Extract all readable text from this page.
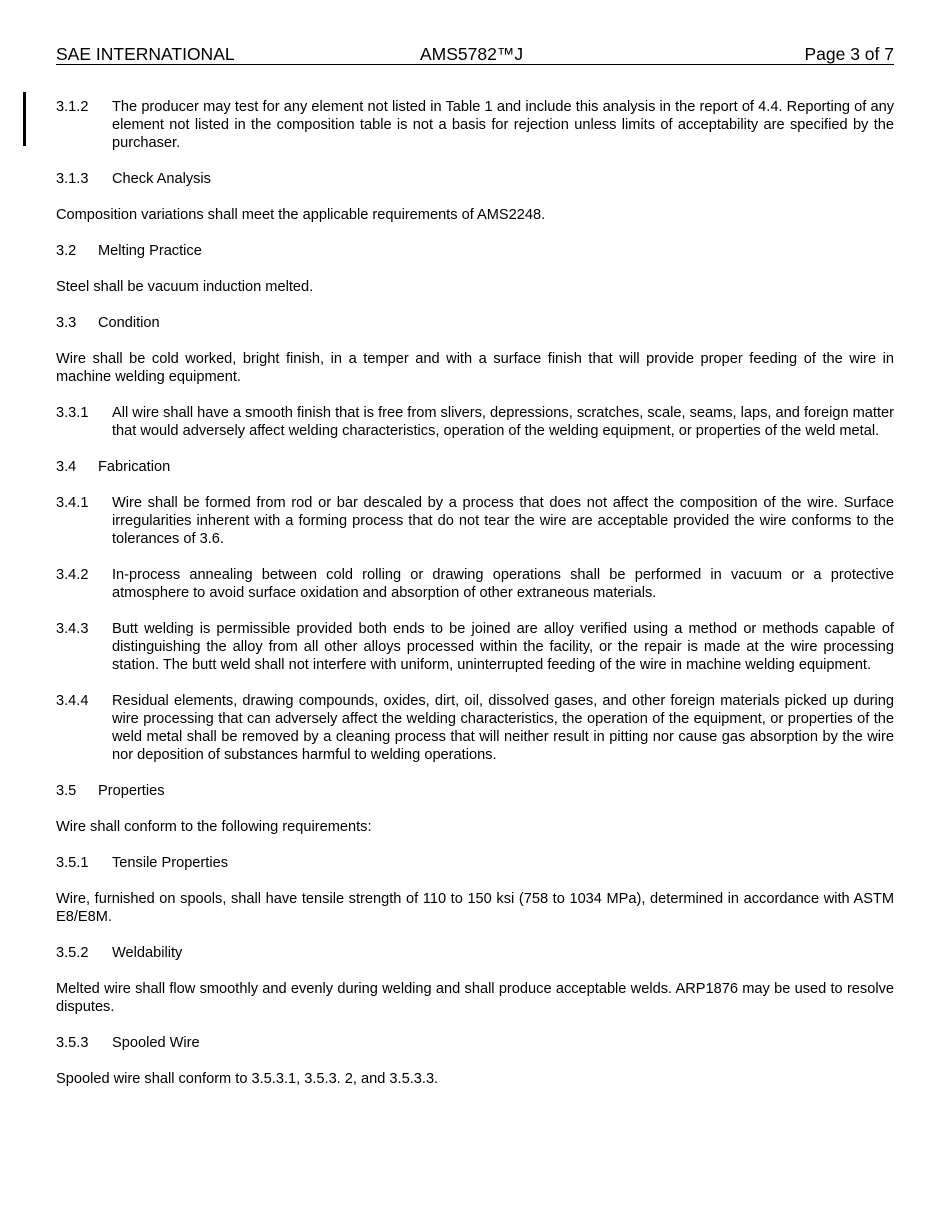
SAE INTERNATIONAL	AMS5782™J	Page 3 of 7
3.1.2 The producer may test for any element not listed in Table 1 and include this analysis in the report of 4.4. Reporting of any element not listed in the composition table is not a basis for rejection unless limits of acceptability are specified by the purchaser.
3.1.3 Check Analysis
Composition variations shall meet the applicable requirements of AMS2248.
3.2 Melting Practice
Steel shall be vacuum induction melted.
3.3 Condition
Wire shall be cold worked, bright finish, in a temper and with a surface finish that will provide proper feeding of the wire in machine welding equipment.
3.3.1 All wire shall have a smooth finish that is free from slivers, depressions, scratches, scale, seams, laps, and foreign matter that would adversely affect welding characteristics, operation of the welding equipment, or properties of the weld metal.
3.4 Fabrication
3.4.1 Wire shall be formed from rod or bar descaled by a process that does not affect the composition of the wire. Surface irregularities inherent with a forming process that do not tear the wire are acceptable provided the wire conforms to the tolerances of 3.6.
3.4.2 In-process annealing between cold rolling or drawing operations shall be performed in vacuum or a protective atmosphere to avoid surface oxidation and absorption of other extraneous materials.
3.4.3 Butt welding is permissible provided both ends to be joined are alloy verified using a method or methods capable of distinguishing the alloy from all other alloys processed within the facility, or the repair is made at the wire processing station. The butt weld shall not interfere with uniform, uninterrupted feeding of the wire in machine welding equipment.
3.4.4 Residual elements, drawing compounds, oxides, dirt, oil, dissolved gases, and other foreign materials picked up during wire processing that can adversely affect the welding characteristics, the operation of the equipment, or properties of the weld metal shall be removed by a cleaning process that will neither result in pitting nor cause gas absorption by the wire nor deposition of substances harmful to welding operations.
3.5 Properties
Wire shall conform to the following requirements:
3.5.1 Tensile Properties
Wire, furnished on spools, shall have tensile strength of 110 to 150 ksi (758 to 1034 MPa), determined in accordance with ASTM E8/E8M.
3.5.2 Weldability
Melted wire shall flow smoothly and evenly during welding and shall produce acceptable welds. ARP1876 may be used to resolve disputes.
3.5.3 Spooled Wire
Spooled wire shall conform to 3.5.3.1, 3.5.3. 2, and 3.5.3.3.
